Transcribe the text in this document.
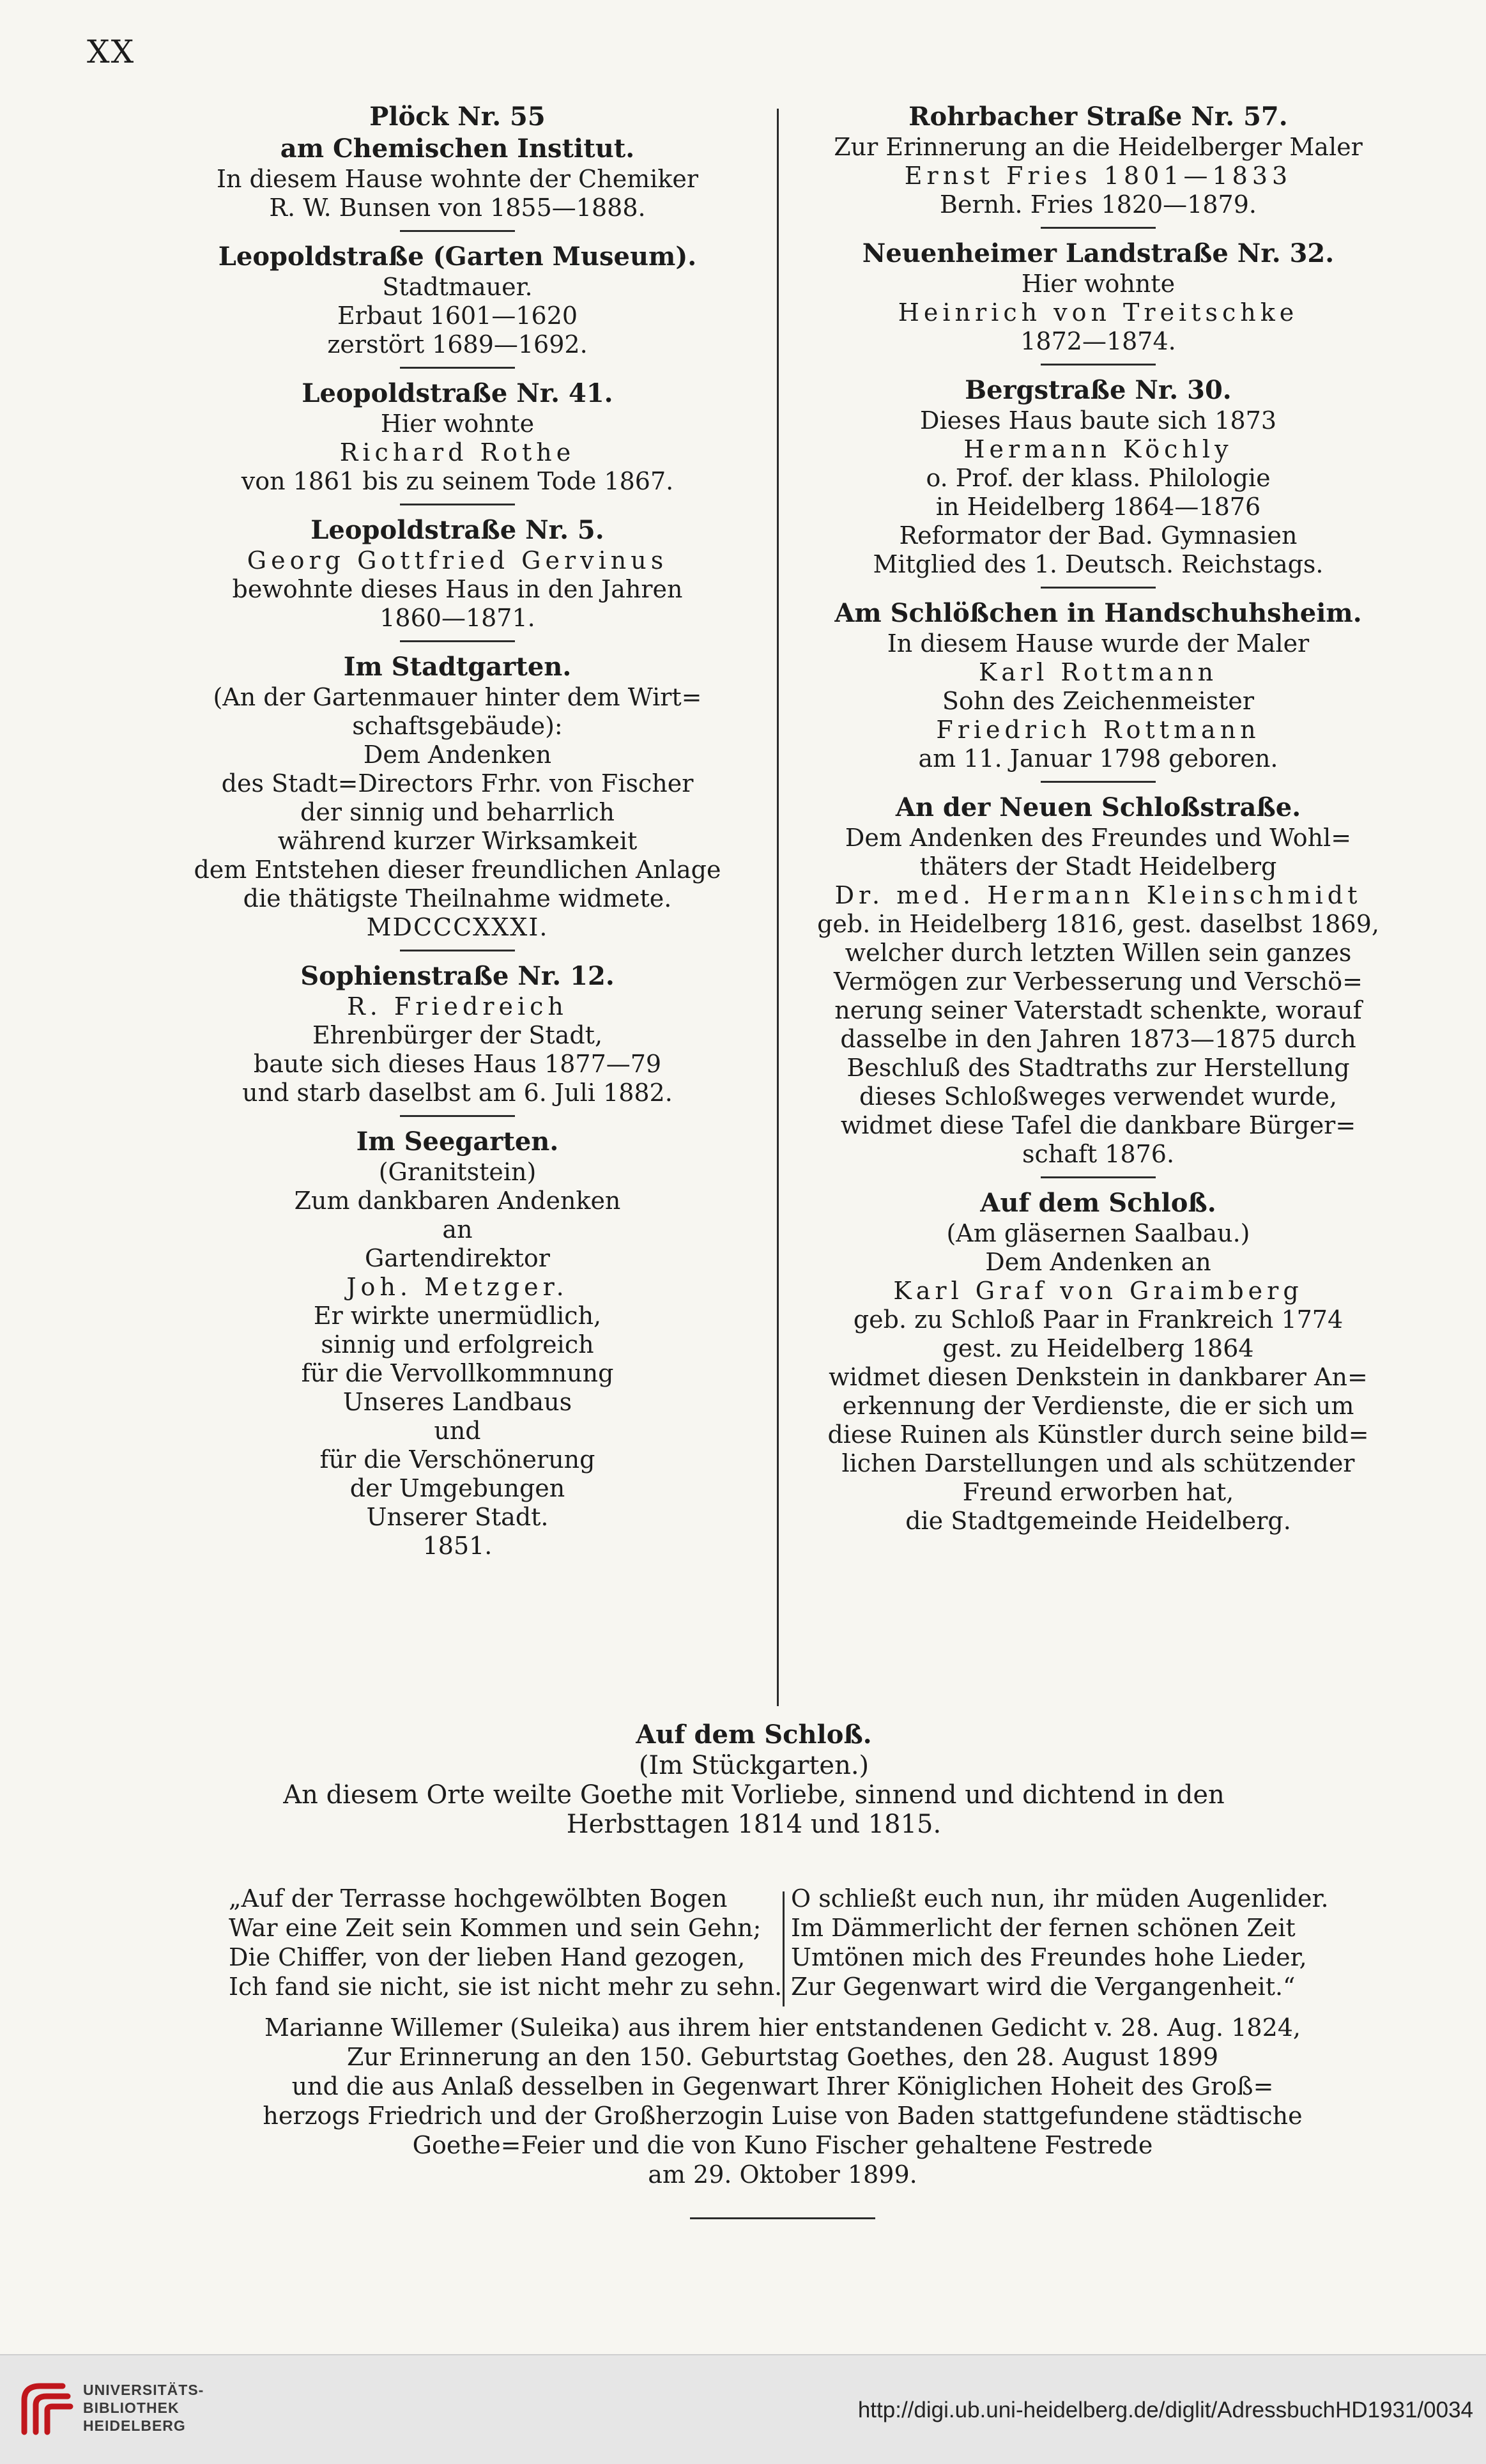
XX

Plöck Nr. 55

am Chemischen Institut.

In diesem Hause wohnte der Chemiker

R. W. Bunsen von 1855—1888.

Leopoldstraße (Garten Museum).

Stadtmauer.

Erbaut 1601—1620

zerstört 1689—1692.

Leopoldstraße Nr. 41.

Hier wohnte

Richard Rothe

von 1861 bis zu seinem Tode 1867.

Leopoldstraße Nr. 5.

Georg Gottfried Gervinus

bewohnte dieses Haus in den Jahren

1860—1871.

Im Stadtgarten.

(An der Gartenmauer hinter dem Wirt=

schaftsgebäude):

Dem Andenken

des Stadt=Directors Frhr. von Fischer

der sinnig und beharrlich

während kurzer Wirksamkeit

dem Entstehen dieser freundlichen Anlage

die thätigste Theilnahme widmete.

MDCCCXXXI.

Sophienstraße Nr. 12.

R. Friedreich

Ehrenbürger der Stadt,

baute sich dieses Haus 1877—79

und starb daselbst am 6. Juli 1882.

Im Seegarten.

(Granitstein)

Zum dankbaren Andenken

an

Gartendirektor

Joh. Metzger.

Er wirkte unermüdlich,

sinnig und erfolgreich

für die Vervollkommnung

Unseres Landbaus

und

für die Verschönerung

der Umgebungen

Unserer Stadt.

1851.

Rohrbacher Straße Nr. 57.

Zur Erinnerung an die Heidelberger Maler

Ernst Fries 1801—1833

Bernh. Fries 1820—1879.

Neuenheimer Landstraße Nr. 32.

Hier wohnte

Heinrich von Treitschke

1872—1874.

Bergstraße Nr. 30.

Dieses Haus baute sich 1873

Hermann Köchly

o. Prof. der klass. Philologie

in Heidelberg 1864—1876

Reformator der Bad. Gymnasien

Mitglied des 1. Deutsch. Reichstags.

Am Schlößchen in Handschuhsheim.

In diesem Hause wurde der Maler

Karl Rottmann

Sohn des Zeichenmeister

Friedrich Rottmann

am 11. Januar 1798 geboren.

An der Neuen Schloßstraße.

Dem Andenken des Freundes und Wohl=

thäters der Stadt Heidelberg

Dr. med. Hermann Kleinschmidt

geb. in Heidelberg 1816, gest. daselbst 1869,

welcher durch letzten Willen sein ganzes

Vermögen zur Verbesserung und Verschö=

nerung seiner Vaterstadt schenkte, worauf

dasselbe in den Jahren 1873—1875 durch

Beschluß des Stadtraths zur Herstellung

dieses Schloßweges verwendet wurde,

widmet diese Tafel die dankbare Bürger=

schaft 1876.

Auf dem Schloß.

(Am gläsernen Saalbau.)

Dem Andenken an

Karl Graf von Graimberg

geb. zu Schloß Paar in Frankreich 1774

gest. zu Heidelberg 1864

widmet diesen Denkstein in dankbarer An=

erkennung der Verdienste, die er sich um

diese Ruinen als Künstler durch seine bild=

lichen Darstellungen und als schützender

Freund erworben hat,

die Stadtgemeinde Heidelberg.

Auf dem Schloß.

(Im Stückgarten.)

An diesem Orte weilte Goethe mit Vorliebe, sinnend und dichtend in den

Herbsttagen 1814 und 1815.

„Auf der Terrasse hochgewölbten Bogen

War eine Zeit sein Kommen und sein Gehn;

Die Chiffer, von der lieben Hand gezogen,

Ich fand sie nicht, sie ist nicht mehr zu sehn.

O schließt euch nun, ihr müden Augenlider.

Im Dämmerlicht der fernen schönen Zeit

Umtönen mich des Freundes hohe Lieder,

Zur Gegenwart wird die Vergangenheit.“

Marianne Willemer (Suleika) aus ihrem hier entstandenen Gedicht v. 28. Aug. 1824,

Zur Erinnerung an den 150. Geburtstag Goethes, den 28. August 1899

und die aus Anlaß desselben in Gegenwart Ihrer Königlichen Hoheit des Groß=

herzogs Friedrich und der Großherzogin Luise von Baden stattgefundene städtische

Goethe=Feier und die von Kuno Fischer gehaltene Festrede

am 29. Oktober 1899.

UNIVERSITÄTS-
BIBLIOTHEK
HEIDELBERG
http://digi.ub.uni-heidelberg.de/diglit/AdressbuchHD1931/0034
